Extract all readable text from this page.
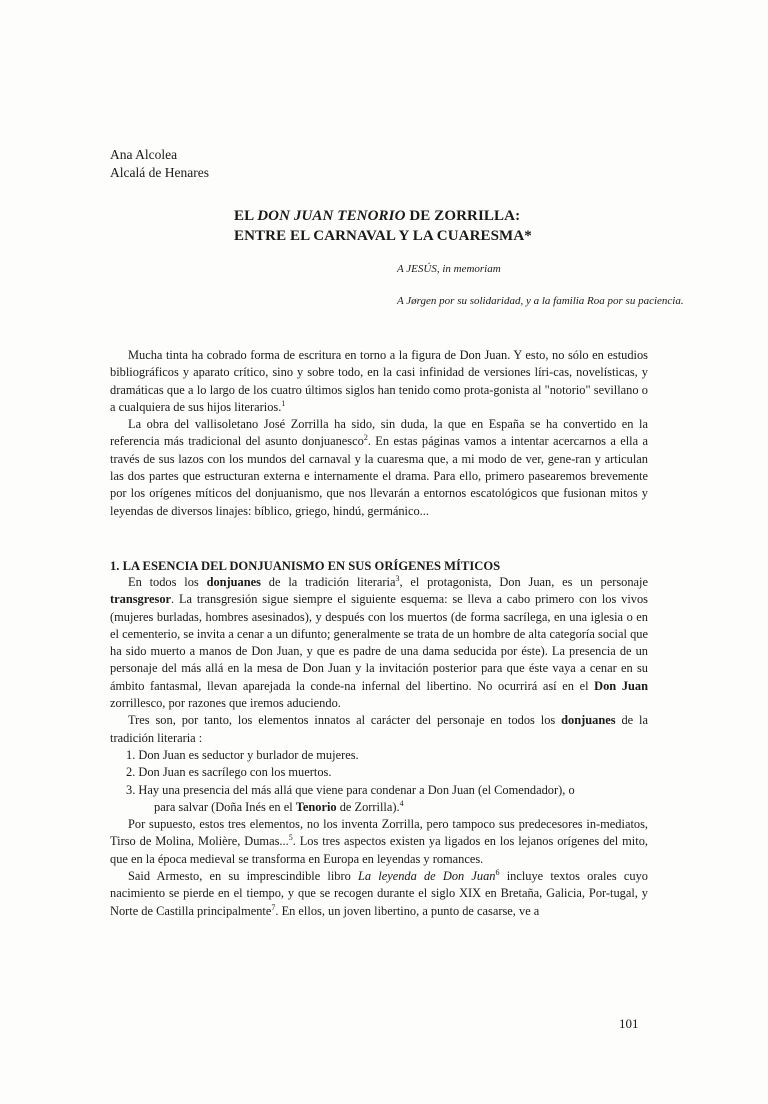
Ana Alcolea
Alcalá de Henares
EL DON JUAN TENORIO DE ZORRILLA:
ENTRE EL CARNAVAL Y LA CUARESMA*
A JESÚS, in memoriam
A Jørgen por su solidaridad, y a la familia Roa por su paciencia.

Mucha tinta ha cobrado forma de escritura en torno a la figura de Don Juan. Y esto, no sólo en estudios bibliográficos y aparato crítico, sino y sobre todo, en la casi infinidad de versiones líri-cas, novelísticas, y dramáticas que a lo largo de los cuatro últimos siglos han tenido como prota-gonista al "notorio" sevillano o a cualquiera de sus hijos literarios.$^1$

La obra del vallisoletano José Zorrilla ha sido, sin duda, la que en España se ha convertido en la referencia más tradicional del asunto donjuanesco$^2$. En estas páginas vamos a intentar acercarnos a ella a través de sus lazos con los mundos del carnaval y la cuaresma que, a mi modo de ver, gene-ran y articulan las dos partes que estructuran externa e internamente el drama. Para ello, primero pasearemos brevemente por los orígenes míticos del donjuanismo, que nos llevarán a entornos escatológicos que fusionan mitos y leyendas de diversos linajes: bíblico, griego, hindú, germánico...

1. LA ESENCIA DEL DONJUANISMO EN SUS ORÍGENES MÍTICOS

En todos los donjuanes de la tradición literaria$^3$, el protagonista, Don Juan, es un personaje transgresor. La transgresión sigue siempre el siguiente esquema: se lleva a cabo primero con los vivos (mujeres burladas, hombres asesinados), y después con los muertos (de forma sacrílega, en una iglesia o en el cementerio, se invita a cenar a un difunto; generalmente se trata de un hombre de alta categoría social que ha sido muerto a manos de Don Juan, y que es padre de una dama seducida por éste). La presencia de un personaje del más allá en la mesa de Don Juan y la invitación posterior para que éste vaya a cenar en su ámbito fantasmal, llevan aparejada la conde-na infernal del libertino. No ocurrirá así en el Don Juan zorrillesco, por razones que iremos aduciendo.

Tres son, por tanto, los elementos innatos al carácter del personaje en todos los donjuanes de la tradición literaria :

1. Don Juan es seductor y burlador de mujeres.
2. Don Juan es sacrílego con los muertos.
3. Hay una presencia del más allá que viene para condenar a Don Juan (el Comendador), o
para salvar (Doña Inés en el Tenorio de Zorrilla).$^4$

Por supuesto, estos tres elementos, no los inventa Zorrilla, pero tampoco sus predecesores in-mediatos, Tirso de Molina, Molière, Dumas...$^5$. Los tres aspectos existen ya ligados en los lejanos orígenes del mito, que en la época medieval se transforma en Europa en leyendas y romances.

Said Armesto, en su imprescindible libro La leyenda de Don Juan$^6$ incluye textos orales cuyo nacimiento se pierde en el tiempo, y que se recogen durante el siglo XIX en Bretaña, Galicia, Por-tugal, y Norte de Castilla principalmente$^7$. En ellos, un joven libertino, a punto de casarse, ve a

101
